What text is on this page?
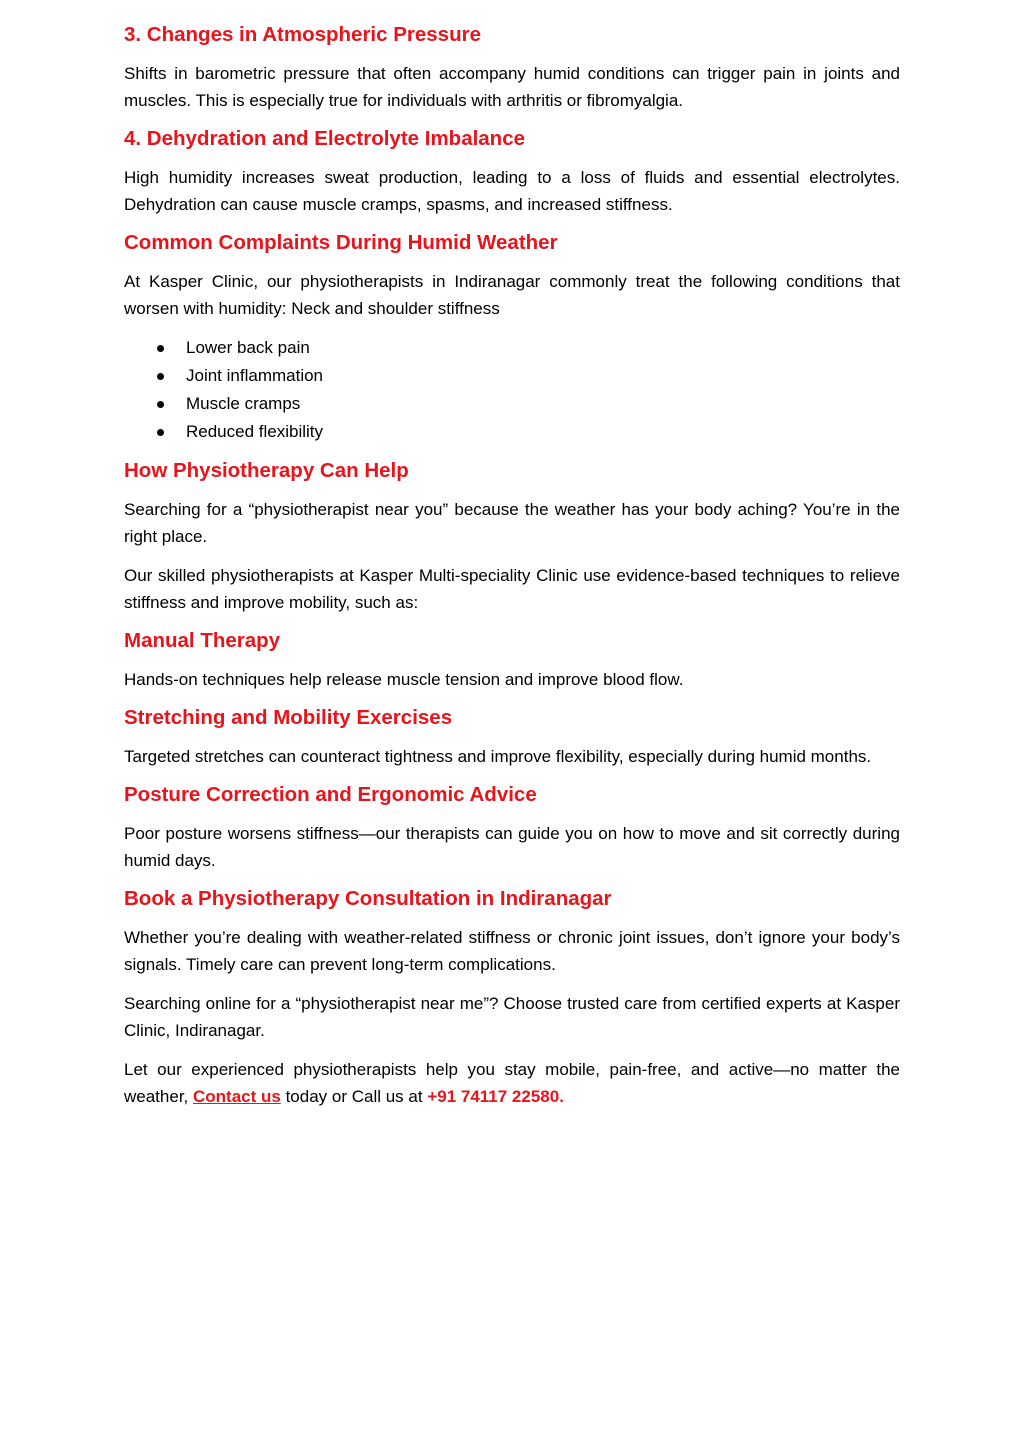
3. Changes in Atmospheric Pressure

Shifts in barometric pressure that often accompany humid conditions can trigger pain in joints and muscles. This is especially true for individuals with arthritis or fibromyalgia.

4. Dehydration and Electrolyte Imbalance

High humidity increases sweat production, leading to a loss of fluids and essential electrolytes. Dehydration can cause muscle cramps, spasms, and increased stiffness.

Common Complaints During Humid Weather

At Kasper Clinic, our physiotherapists in Indiranagar commonly treat the following conditions that worsen with humidity: Neck and shoulder stiffness

Lower back pain
Joint inflammation
Muscle cramps
Reduced flexibility
How Physiotherapy Can Help

Searching for a “physiotherapist near you” because the weather has your body aching? You’re in the right place.

Our skilled physiotherapists at Kasper Multi-speciality Clinic use evidence-based techniques to relieve stiffness and improve mobility, such as:

Manual Therapy

Hands-on techniques help release muscle tension and improve blood flow.

Stretching and Mobility Exercises

Targeted stretches can counteract tightness and improve flexibility, especially during humid months.

Posture Correction and Ergonomic Advice

Poor posture worsens stiffness—our therapists can guide you on how to move and sit correctly during humid days.

Book a Physiotherapy Consultation in Indiranagar

Whether you’re dealing with weather-related stiffness or chronic joint issues, don’t ignore your body’s signals. Timely care can prevent long-term complications.

Searching online for a “physiotherapist near me”? Choose trusted care from certified experts at Kasper Clinic, Indiranagar.

Let our experienced physiotherapists help you stay mobile, pain-free, and active—no matter the weather, Contact us today or Call us at +91 74117 22580.
